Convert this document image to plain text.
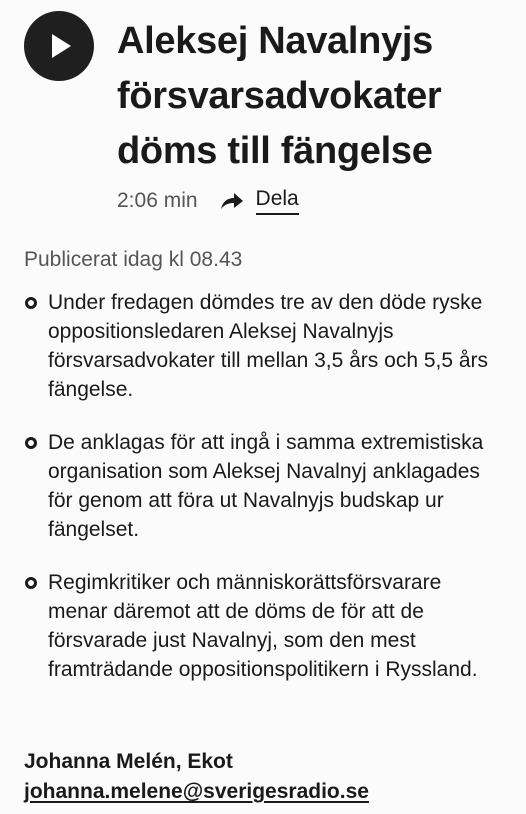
Aleksej Navalnyjs försvarsadvokater döms till fängelse
2:06 min	Dela
Publicerat idag kl 08.43
Under fredagen dömdes tre av den döde ryske oppositionsledaren Aleksej Navalnyjs försvarsadvokater till mellan 3,5 års och 5,5 års fängelse.
De anklagas för att ingå i samma extremistiska organisation som Aleksej Navalnyj anklagades för genom att föra ut Navalnyjs budskap ur fängelset.
Regimkritiker och människorättsförsvarare menar däremot att de döms de för att de försvarade just Navalnyj, som den mest framträdande oppositionspolitikern i Ryssland.
Johanna Melén, Ekot
johanna.melene@sverigesradio.se
